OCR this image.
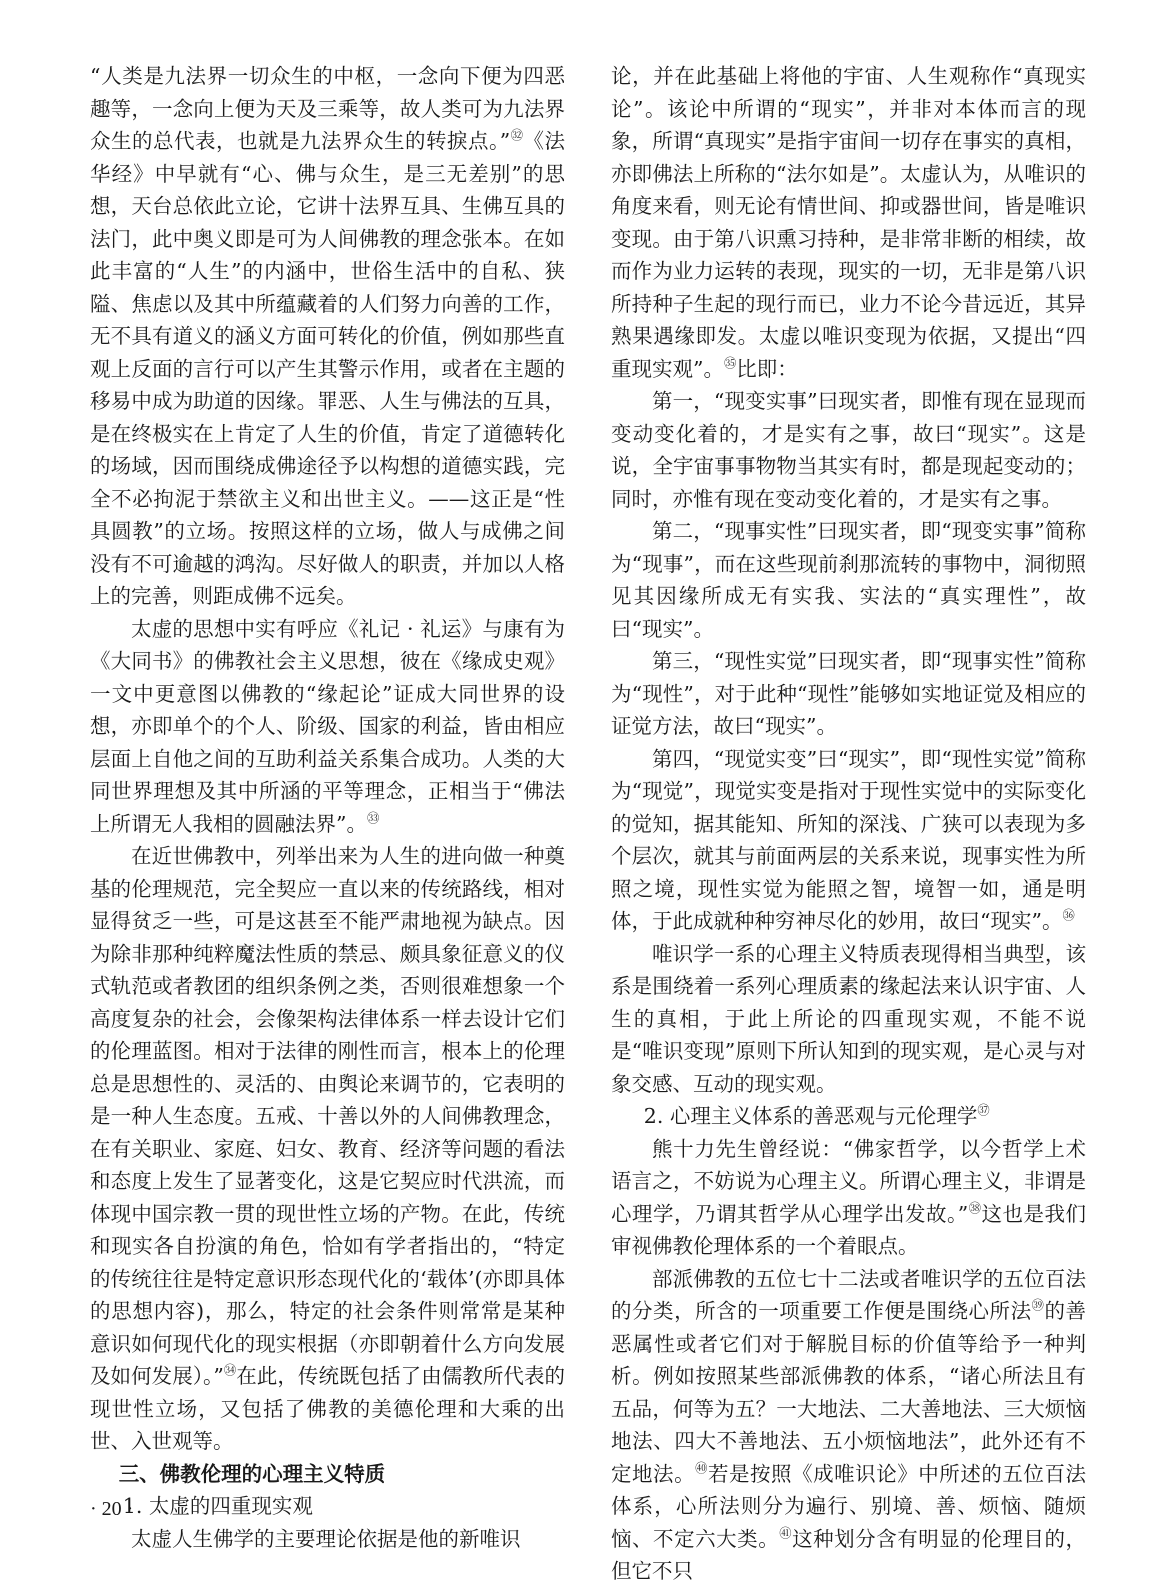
“人类是九法界一切众生的中枢，一念向下便为四恶趣等，一念向上便为天及三乘等，故人类可为九法界众生的总代表，也就是九法界众生的转捩点。”$^㉜$《法华经》中早就有“心、佛与众生，是三无差别”的思想，天台总依此立论，它讲十法界互具、生佛互具的法门，此中奥义即是可为人间佛教的理念张本。在如此丰富的“人生”的内涵中，世俗生活中的自私、狭隘、焦虑以及其中所蕴藏着的人们努力向善的工作，无不具有道义的涵义方面可转化的价值，例如那些直观上反面的言行可以产生其警示作用，或者在主题的移易中成为助道的因缘。罪恶、人生与佛法的互具，是在终极实在上肯定了人生的价值，肯定了道德转化的场域，因而围绕成佛途径予以构想的道德实践，完全不必拘泥于禁欲主义和出世主义。——这正是“性具圆教”的立场。按照这样的立场，做人与成佛之间没有不可逾越的鸿沟。尽好做人的职责，并加以人格上的完善，则距成佛不远矣。

太虚的思想中实有呼应《礼记 · 礼运》与康有为《大同书》的佛教社会主义思想，彼在《缘成史观》一文中更意图以佛教的“缘起论”证成大同世界的设想，亦即单个的个人、阶级、国家的利益，皆由相应层面上自他之间的互助利益关系集合成功。人类的大同世界理想及其中所涵的平等理念，正相当于“佛法上所谓无人我相的圆融法界”。$^㉝$

在近世佛教中，列举出来为人生的进向做一种奠基的伦理规范，完全契应一直以来的传统路线，相对显得贫乏一些，可是这甚至不能严肃地视为缺点。因为除非那种纯粹魔法性质的禁忌、颇具象征意义的仪式轨范或者教团的组织条例之类，否则很难想象一个高度复杂的社会，会像架构法律体系一样去设计它们的伦理蓝图。相对于法律的刚性而言，根本上的伦理总是思想性的、灵活的、由舆论来调节的，它表明的是一种人生态度。五戒、十善以外的人间佛教理念，在有关职业、家庭、妇女、教育、经济等问题的看法和态度上发生了显著变化，这是它契应时代洪流，而体现中国宗教一贯的现世性立场的产物。在此，传统和现实各自扮演的角色，恰如有学者指出的，“特定的传统往往是特定意识形态现代化的‘载体’(亦即具体的思想内容)，那么，特定的社会条件则常常是某种意识如何现代化的现实根据（亦即朝着什么方向发展及如何发展）。”$^㉞$在此，传统既包括了由儒教所代表的现世性立场，又包括了佛教的美德伦理和大乘的出世、入世观等。

三、佛教伦理的心理主义特质

1. 太虚的四重现实观

太虚人生佛学的主要理论依据是他的新唯识

论，并在此基础上将他的宇宙、人生观称作“真现实论”。该论中所谓的“现实”，并非对本体而言的现象，所谓“真现实”是指宇宙间一切存在事实的真相，亦即佛法上所称的“法尔如是”。太虚认为，从唯识的角度来看，则无论有情世间、抑或器世间，皆是唯识变现。由于第八识熏习持种，是非常非断的相续，故而作为业力运转的表现，现实的一切，无非是第八识所持种子生起的现行而已，业力不论今昔远近，其异熟果遇缘即发。太虚以唯识变现为依据，又提出“四重现实观”。$^㉟$比即：

第一，“现变实事”曰现实者，即惟有现在显现而变动变化着的，才是实有之事，故曰“现实”。这是说，全宇宙事事物物当其实有时，都是现起变动的；同时，亦惟有现在变动变化着的，才是实有之事。

第二，“现事实性”曰现实者，即“现变实事”简称为“现事”，而在这些现前刹那流转的事物中，洞彻照见其因缘所成无有实我、实法的“真实理性”，故曰“现实”。

第三，“现性实觉”曰现实者，即“现事实性”简称为“现性”，对于此种“现性”能够如实地证觉及相应的证觉方法，故曰“现实”。

第四，“现觉实变”曰“现实”，即“现性实觉”简称为“现觉”，现觉实变是指对于现性实觉中的实际变化的觉知，据其能知、所知的深浅、广狭可以表现为多个层次，就其与前面两层的关系来说，现事实性为所照之境，现性实觉为能照之智，境智一如，通是明体，于此成就种种穷神尽化的妙用，故曰“现实”。$^㊱$

唯识学一系的心理主义特质表现得相当典型，该系是围绕着一系列心理质素的缘起法来认识宇宙、人生的真相，于此上所论的四重现实观，不能不说是“唯识变现”原则下所认知到的现实观，是心灵与对象交感、互动的现实观。

2. 心理主义体系的善恶观与元伦理学$^㊲$

熊十力先生曾经说：“佛家哲学，以今哲学上术语言之，不妨说为心理主义。所谓心理主义，非谓是心理学，乃谓其哲学从心理学出发故。”$^㊳$这也是我们审视佛教伦理体系的一个着眼点。

部派佛教的五位七十二法或者唯识学的五位百法的分类，所含的一项重要工作便是围绕心所法$^㊴$的善恶属性或者它们对于解脱目标的价值等给予一种判析。例如按照某些部派佛教的体系，“诸心所法且有五品，何等为五？一大地法、二大善地法、三大烦恼地法、四大不善地法、五小烦恼地法”，此外还有不定地法。$^㊵$若是按照《成唯识论》中所述的五位百法体系，心所法则分为遍行、别境、善、烦恼、随烦恼、不定六大类。$^㊶$这种划分含有明显的伦理目的，但它不只

· 20 ·
